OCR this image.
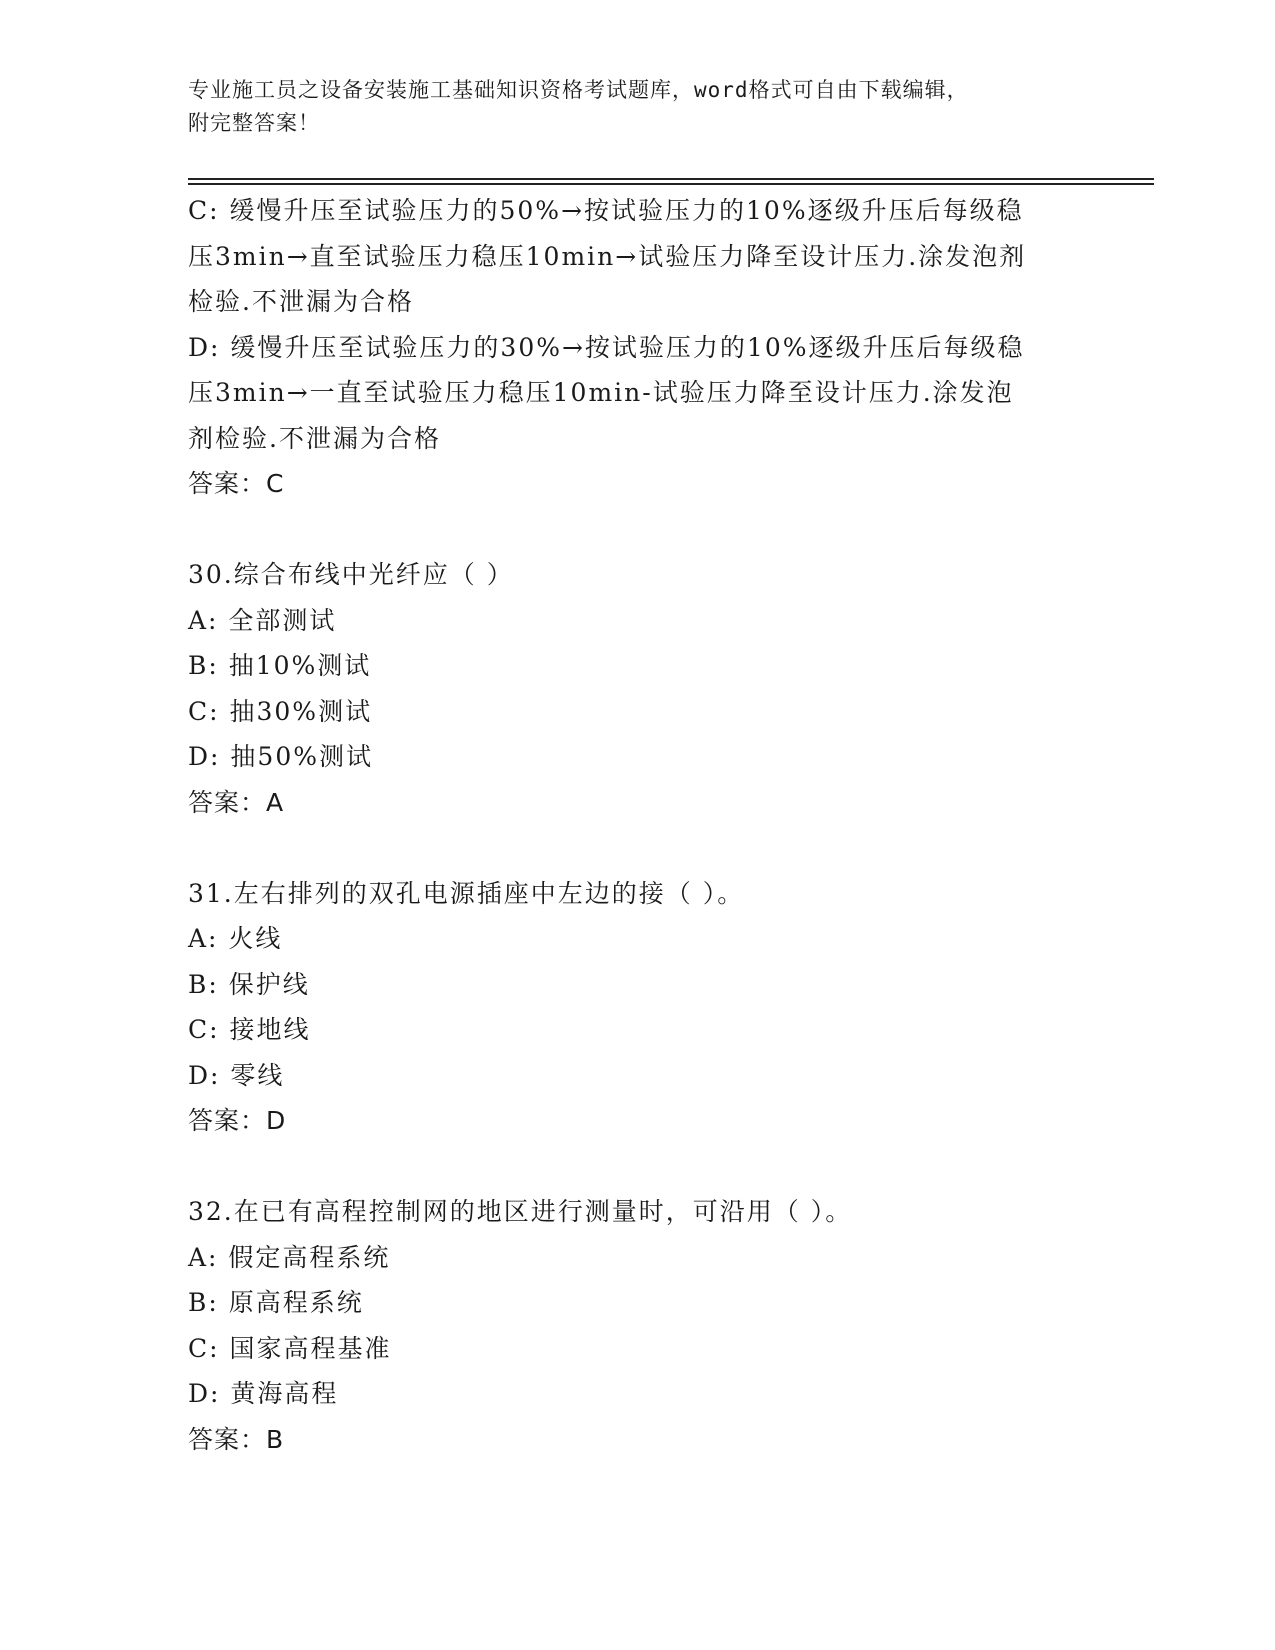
专业施工员之设备安装施工基础知识资格考试题库，word格式可自由下载编辑，
附完整答案！
C: 缓慢升压至试验压力的50%→按试验压力的10%逐级升压后每级稳
压3min→直至试验压力稳压10min→试验压力降至设计压力.涂发泡剂
检验.不泄漏为合格
D: 缓慢升压至试验压力的30%→按试验压力的10%逐级升压后每级稳
压3min→一直至试验压力稳压10min-试验压力降至设计压力.涂发泡
剂检验.不泄漏为合格
答案：C
30.综合布线中光纤应（ ）
A: 全部测试
B: 抽10%测试
C: 抽30%测试
D: 抽50%测试
答案：A
31.左右排列的双孔电源插座中左边的接（ ）。
A: 火线
B: 保护线
C: 接地线
D: 零线
答案：D
32.在已有高程控制网的地区进行测量时，可沿用（ ）。
A: 假定高程系统
B: 原高程系统
C: 国家高程基准
D: 黄海高程
答案：B
